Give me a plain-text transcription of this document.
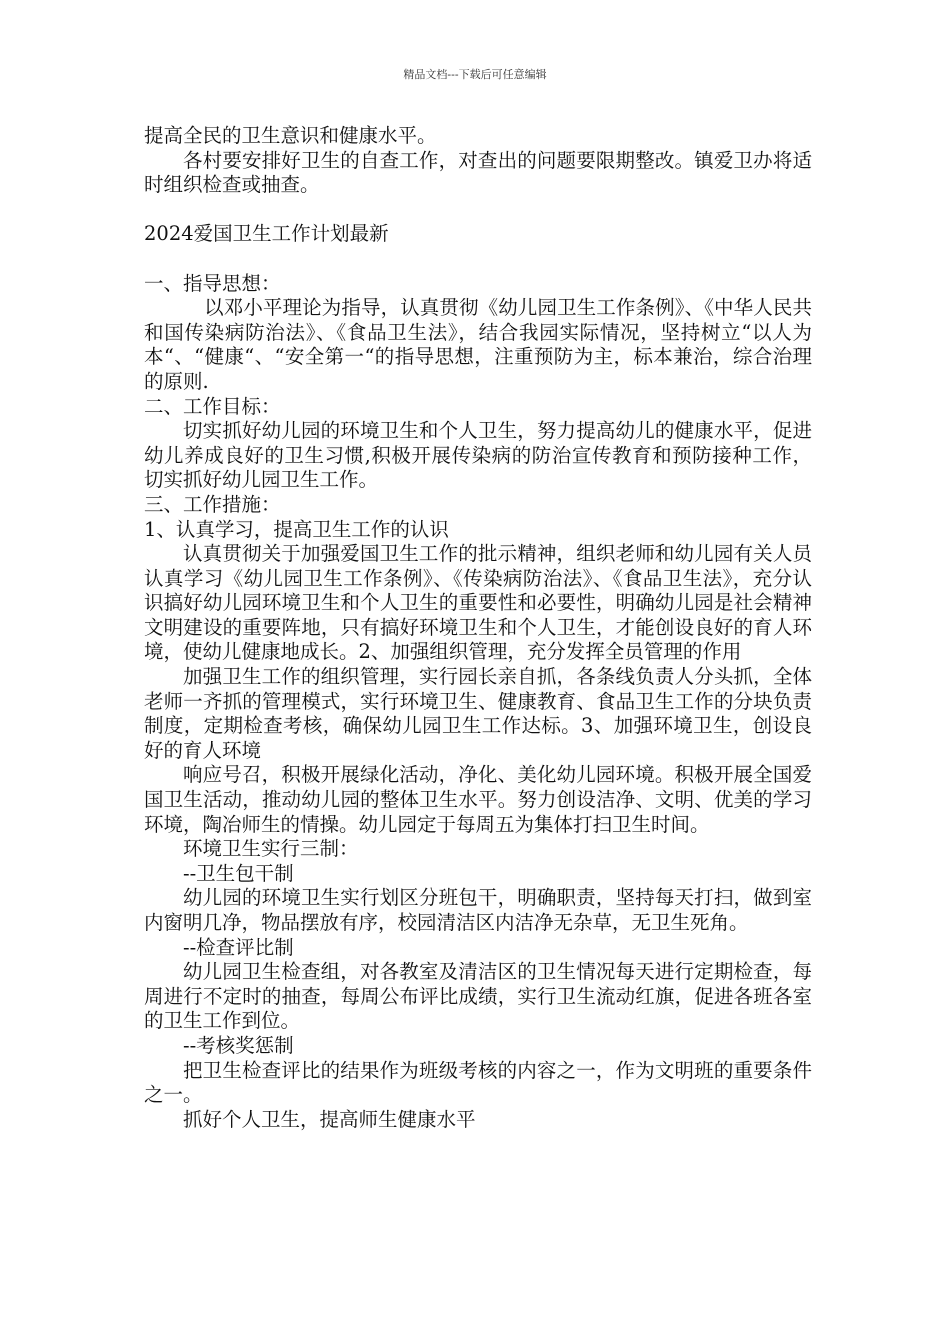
精品文档---下载后可任意编辑

提高全民的卫生意识和健康水平。

各村要安排好卫生的自查工作，对查出的问题要限期整改。镇爱卫办将适时组织检查或抽查。

2024爱国卫生工作计划最新

一、指导思想：

以邓小平理论为指导，认真贯彻《幼儿园卫生工作条例》、《中华人民共和国传染病防治法》、《食品卫生法》，结合我园实际情况，坚持树立“以人为本“、“健康“、“安全第一“的指导思想，注重预防为主，标本兼治，综合治理的原则.

二、工作目标：

切实抓好幼儿园的环境卫生和个人卫生，努力提高幼儿的健康水平，促进幼儿养成良好的卫生习惯,积极开展传染病的防治宣传教育和预防接种工作，切实抓好幼儿园卫生工作。

三、工作措施：

1、认真学习，提高卫生工作的认识

认真贯彻关于加强爱国卫生工作的批示精神，组织老师和幼儿园有关人员认真学习《幼儿园卫生工作条例》、《传染病防治法》、《食品卫生法》，充分认识搞好幼儿园环境卫生和个人卫生的重要性和必要性，明确幼儿园是社会精神文明建设的重要阵地，只有搞好环境卫生和个人卫生，才能创设良好的育人环境，使幼儿健康地成长。2、加强组织管理，充分发挥全员管理的作用

加强卫生工作的组织管理，实行园长亲自抓，各条线负责人分头抓，全体老师一齐抓的管理模式，实行环境卫生、健康教育、食品卫生工作的分块负责制度，定期检查考核，确保幼儿园卫生工作达标。3、加强环境卫生，创设良好的育人环境

响应号召，积极开展绿化活动，净化、美化幼儿园环境。积极开展全国爱国卫生活动，推动幼儿园的整体卫生水平。努力创设洁净、文明、优美的学习环境，陶冶师生的情操。幼儿园定于每周五为集体打扫卫生时间。

环境卫生实行三制：

--卫生包干制

幼儿园的环境卫生实行划区分班包干，明确职责，坚持每天打扫，做到室内窗明几净，物品摆放有序，校园清洁区内洁净无杂草，无卫生死角。

--检查评比制

幼儿园卫生检查组，对各教室及清洁区的卫生情况每天进行定期检查，每周进行不定时的抽查，每周公布评比成绩，实行卫生流动红旗，促进各班各室的卫生工作到位。

--考核奖惩制

把卫生检查评比的结果作为班级考核的内容之一，作为文明班的重要条件之一。

抓好个人卫生，提高师生健康水平
